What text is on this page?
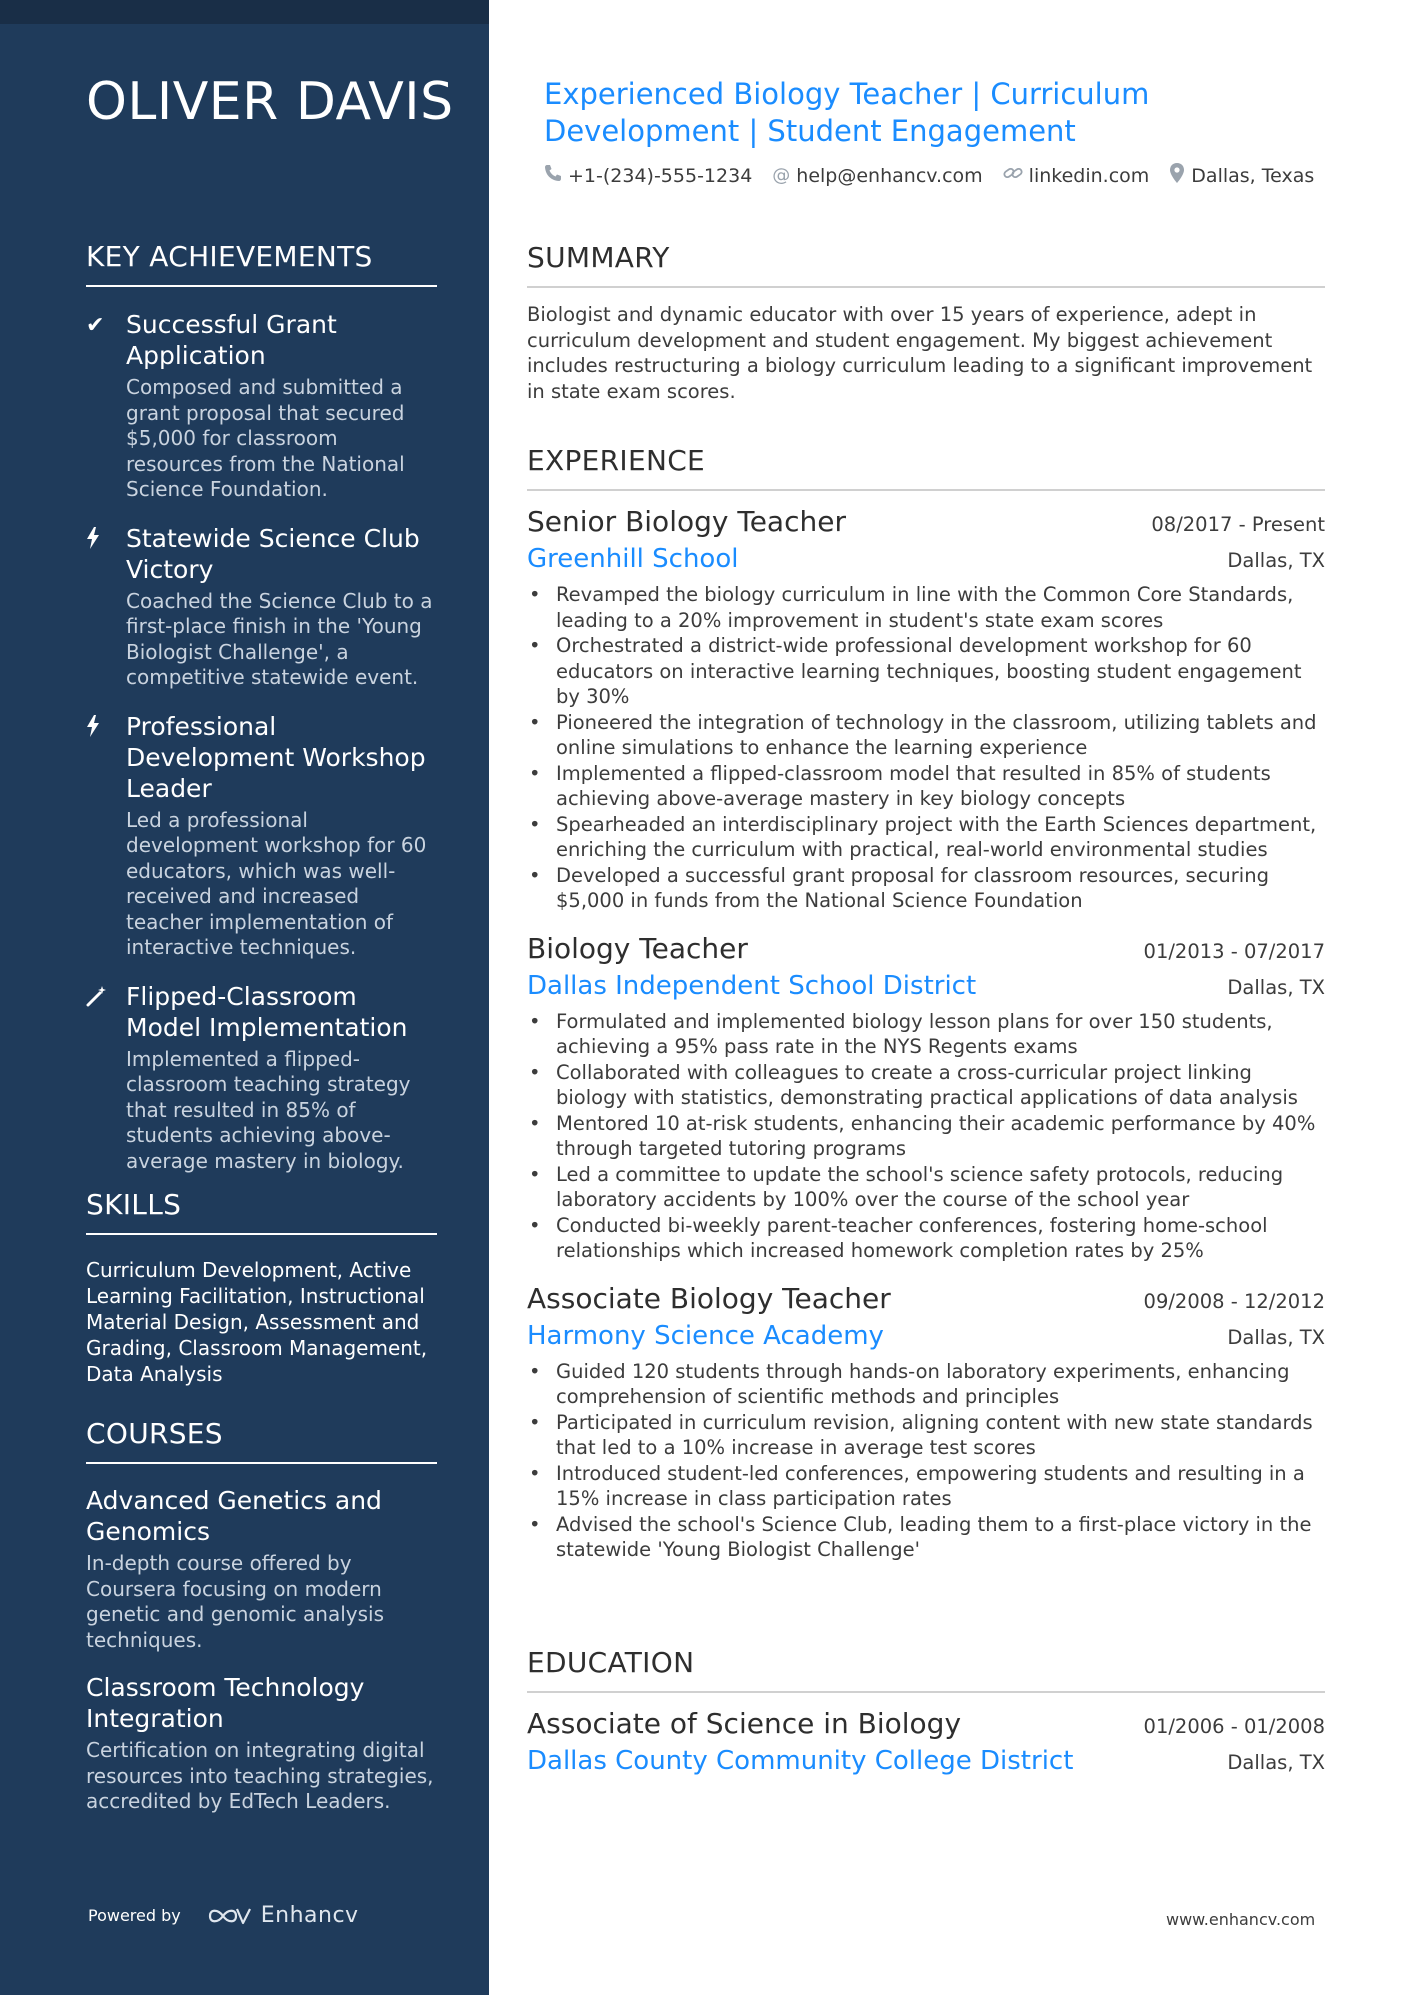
OLIVER DAVIS
KEY ACHIEVEMENTS
✔ Successful Grant Application
Composed and submitted a grant proposal that secured $5,000 for classroom resources from the National Science Foundation.
Statewide Science Club Victory
Coached the Science Club to a first-place finish in the 'Young Biologist Challenge', a competitive statewide event.
Professional Development Workshop Leader
Led a professional development workshop for 60 educators, which was well-received and increased teacher implementation of interactive techniques.
Flipped-Classroom Model Implementation
Implemented a flipped-classroom teaching strategy that resulted in 85% of students achieving above-average mastery in biology.
SKILLS
Curriculum Development, Active Learning Facilitation, Instructional Material Design, Assessment and Grading, Classroom Management, Data Analysis
COURSES
Advanced Genetics and Genomics
In-depth course offered by Coursera focusing on modern genetic and genomic analysis techniques.
Classroom Technology Integration
Certification on integrating digital resources into teaching strategies, accredited by EdTech Leaders.
Powered by	Enhancv
Experienced Biology Teacher | Curriculum Development | Student Engagement
+1-(234)-555-1234 @ help@enhancv.com linkedin.com Dallas, Texas
SUMMARY
Biologist and dynamic educator with over 15 years of experience, adept in curriculum development and student engagement. My biggest achievement includes restructuring a biology curriculum leading to a significant improvement in state exam scores.
EXPERIENCE
Senior Biology Teacher	08/2017 - Present
Greenhill School	Dallas, TX
• Revamped the biology curriculum in line with the Common Core Standards, leading to a 20% improvement in student's state exam scores
• Orchestrated a district-wide professional development workshop for 60 educators on interactive learning techniques, boosting student engagement by 30%
• Pioneered the integration of technology in the classroom, utilizing tablets and online simulations to enhance the learning experience
• Implemented a flipped-classroom model that resulted in 85% of students achieving above-average mastery in key biology concepts
• Spearheaded an interdisciplinary project with the Earth Sciences department, enriching the curriculum with practical, real-world environmental studies
• Developed a successful grant proposal for classroom resources, securing $5,000 in funds from the National Science Foundation
Biology Teacher	01/2013 - 07/2017
Dallas Independent School District	Dallas, TX
• Formulated and implemented biology lesson plans for over 150 students, achieving a 95% pass rate in the NYS Regents exams
• Collaborated with colleagues to create a cross-curricular project linking biology with statistics, demonstrating practical applications of data analysis
• Mentored 10 at-risk students, enhancing their academic performance by 40% through targeted tutoring programs
• Led a committee to update the school's science safety protocols, reducing laboratory accidents by 100% over the course of the school year
• Conducted bi-weekly parent-teacher conferences, fostering home-school relationships which increased homework completion rates by 25%
Associate Biology Teacher	09/2008 - 12/2012
Harmony Science Academy	Dallas, TX
• Guided 120 students through hands-on laboratory experiments, enhancing comprehension of scientific methods and principles
• Participated in curriculum revision, aligning content with new state standards that led to a 10% increase in average test scores
• Introduced student-led conferences, empowering students and resulting in a 15% increase in class participation rates
• Advised the school's Science Club, leading them to a first-place victory in the statewide 'Young Biologist Challenge'
EDUCATION
Associate of Science in Biology	01/2006 - 01/2008
Dallas County Community College District	Dallas, TX
www.enhancv.com
